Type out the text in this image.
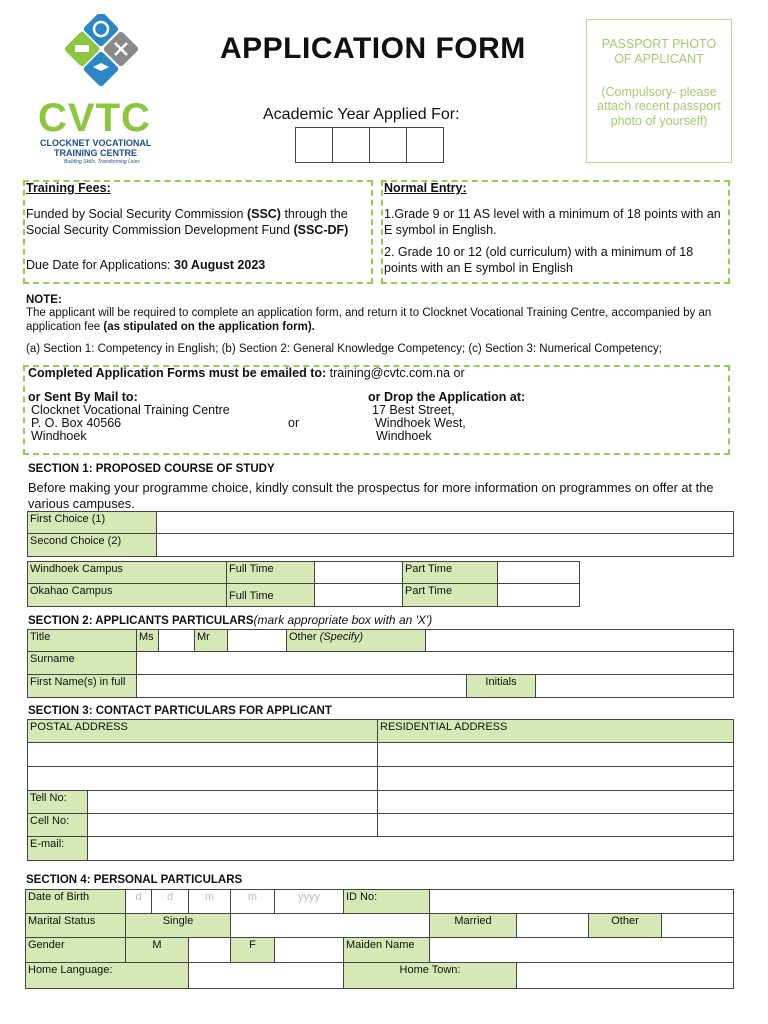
CVTC
CLOCKNET VOCATIONAL
TRAINING CENTRE
Building Skills, Transforming Lives
APPLICATION FORM
Academic Year Applied For:
PASSPORT PHOTO OF APPLICANT
(Compulsory- please attach recent passport photo of yourself)
Training Fees:
Funded by Social Security Commission (SSC) through the Social Security Commission Development Fund (SSC-DF)
Due Date for Applications: 30 August 2023
Normal Entry:
1.Grade 9 or 11 AS level with a minimum of 18 points with an E symbol in English.
2. Grade 10 or 12 (old curriculum) with a minimum of 18 points with an E symbol in English
NOTE:
The applicant will be required to complete an application form, and return it to Clocknet Vocational Training Centre, accompanied by an application fee (as stipulated on the application form).
(a) Section 1: Competency in English; (b) Section 2: General Knowledge Competency; (c) Section 3: Numerical Competency;
Completed Application Forms must be emailed to: training@cvtc.com.na or
or Sent By Mail to:
Clocknet Vocational Training Centre
P. O. Box 40566
Windhoek
or
or Drop the Application at:
17 Best Street,
Windhoek West,
Windhoek
SECTION 1: PROPOSED COURSE OF STUDY
Before making your programme choice, kindly consult the prospectus for more information on programmes on offer at the various campuses.
First Choice (1)
Second Choice (2)
Windhoek Campus	Full Time	Part Time
Okahao Campus	Full Time	Part Time
SECTION 2: APPLICANTS PARTICULARS(mark appropriate box with an 'X')
Title	Ms	Mr	Other (Specify)
Surname
First Name(s) in full	Initials
SECTION 3: CONTACT PARTICULARS FOR APPLICANT
POSTAL ADDRESS	RESIDENTIAL ADDRESS
Tell No:
Cell No:
E-mail:
SECTION 4: PERSONAL PARTICULARS
Date of Birth	d	d	m	m	yyyy	ID No:
Marital Status	Single	Married	Other
Gender	M	F	Maiden Name
Home Language:	Home Town:
